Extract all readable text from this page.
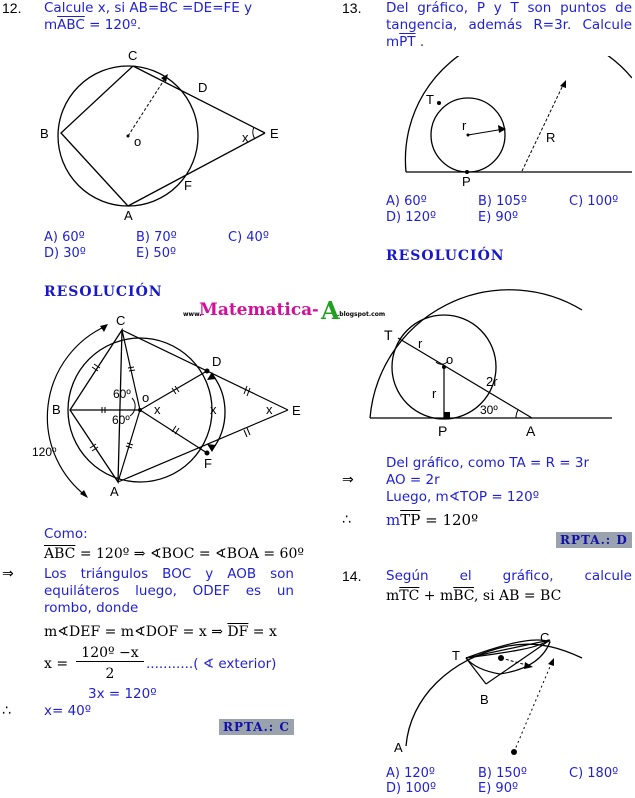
12. Calcule x, si AB=BC =DE=FE y
$m\overline{ABC}$ = 120º.
C
D
B
o	x E
F
A
A) 60º	B) 70º	C) 40º
D) 30º	E) 50º
RESOLUCIÓN
www.
Matematica - A
.blogspot.com
C
D
B
o
x	x	x E
F
A
60º
60º
120º
Como:
$\overline{ABC}$ = 120º ⇒ ∢BOC = ∢BOA = 60º
⇒ Los triángulos BOC y AOB son equiláteros luego, ODEF es un rombo, donde
m∢DEF = m∢DOF = x ⇒ $\overline{DF} = x$
x =
120º −x
2
...........( ∢ exterior)
3x = 120º
∴ x= 40º
RPTA.: C
13. Del gráfico, P y T son puntos de tangencia, además R=3r. Calcule $m\overline{PT}$ .
T
r
R
P
A) 60º	B) 105º	C) 100º
D) 120º	E) 90º
RESOLUCIÓN
T
r
o
r
2r
30º
P	A
⇒
Del gráfico, como TA = R = 3r
AO = 2r
Luego, m∢TOP = 120º
∴ $m\overline{TP}$ = 120º
RPTA.: D
14. Según el gráfico, calcule
$m\overline{TC} + m\overline{BC}$, si AB = BC
T
C
B
A
A) 120º	B) 150º	C) 180º
D) 100º	E) 90º
